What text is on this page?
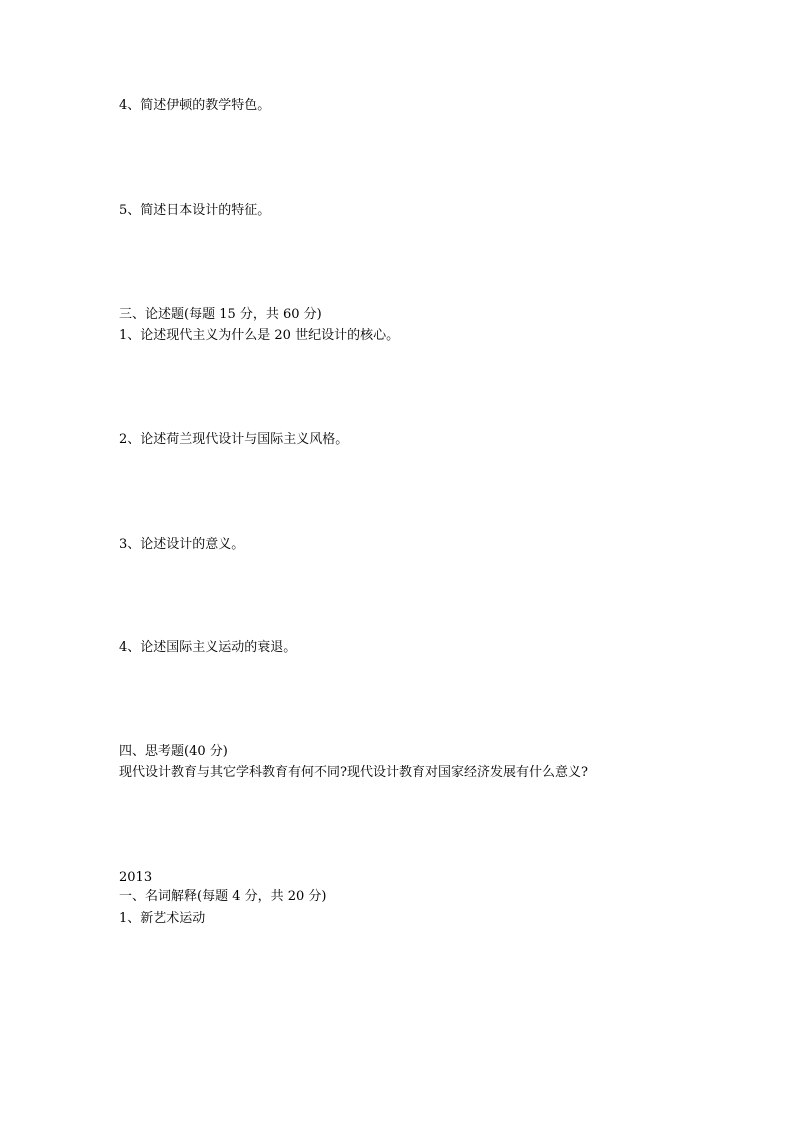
4、简述伊顿的教学特色。

5、简述日本设计的特征。

三、论述题(每题 15 分，共 60 分)

1、论述现代主义为什么是 20 世纪设计的核心。

2、论述荷兰现代设计与国际主义风格。

3、论述设计的意义。

4、论述国际主义运动的衰退。

四、思考题(40 分)

现代设计教育与其它学科教育有何不同?现代设计教育对国家经济发展有什么意义?

2013

一、名词解释(每题 4 分，共 20 分)

1、新艺术运动
